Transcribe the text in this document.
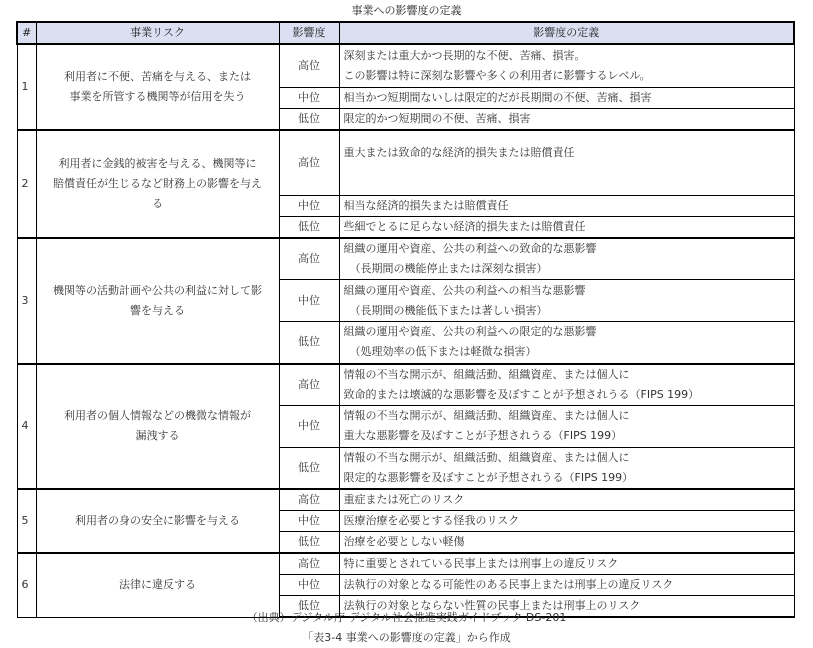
事業への影響度の定義
#	事業リスク	影響度	影響度の定義
1	利用者に不便、苦痛を与える、または
事業を所管する機関等が信用を失う	高位	深刻または重大かつ長期的な不便、苦痛、損害。
この影響は特に深刻な影響や多くの利用者に影響するレベル。

		中位	相当かつ短期間ないしは限定的だが長期間の不便、苦痛、損害

		低位	限定的かつ短期間の不便、苦痛、損害

2	利用者に金銭的被害を与える、機関等に
賠償責任が生じるなど財務上の影響を与え
る	高位	重大または致命的な経済的損失または賠償責任

		中位	相当な経済的損失または賠償責任

		低位	些細でとるに足らない経済的損失または賠償責任

3	機関等の活動計画や公共の利益に対して影
響を与える	高位	組織の運用や資産、公共の利益への致命的な悪影響
（長期間の機能停止または深刻な損害）

		中位	組織の運用や資産、公共の利益への相当な悪影響
（長期間の機能低下または著しい損害）

		低位	組織の運用や資産、公共の利益への限定的な悪影響
（処理効率の低下または軽微な損害）

4	利用者の個人情報などの機微な情報が
漏洩する	高位	情報の不当な開示が、組織活動、組織資産、または個人に
致命的または壊滅的な悪影響を及ぼすことが予想されうる（FIPS 199）

		中位	情報の不当な開示が、組織活動、組織資産、または個人に
重大な悪影響を及ぼすことが予想されうる（FIPS 199）

		低位	情報の不当な開示が、組織活動、組織資産、または個人に
限定的な悪影響を及ぼすことが予想されうる（FIPS 199）

5	利用者の身の安全に影響を与える	高位	重症または死亡のリスク

		中位	医療治療を必要とする怪我のリスク

		低位	治療を必要としない軽傷

6	法律に違反する	高位	特に重要とされている民事上または刑事上の違反リスク

		中位	法執行の対象となる可能性のある民事上または刑事上の違反リスク

		低位	法執行の対象とならない性質の民事上または刑事上のリスク
（出典）デジタル庁 デジタル社会推進実践ガイドブック DS-201
「表3-4 事業への影響度の定義」から作成
